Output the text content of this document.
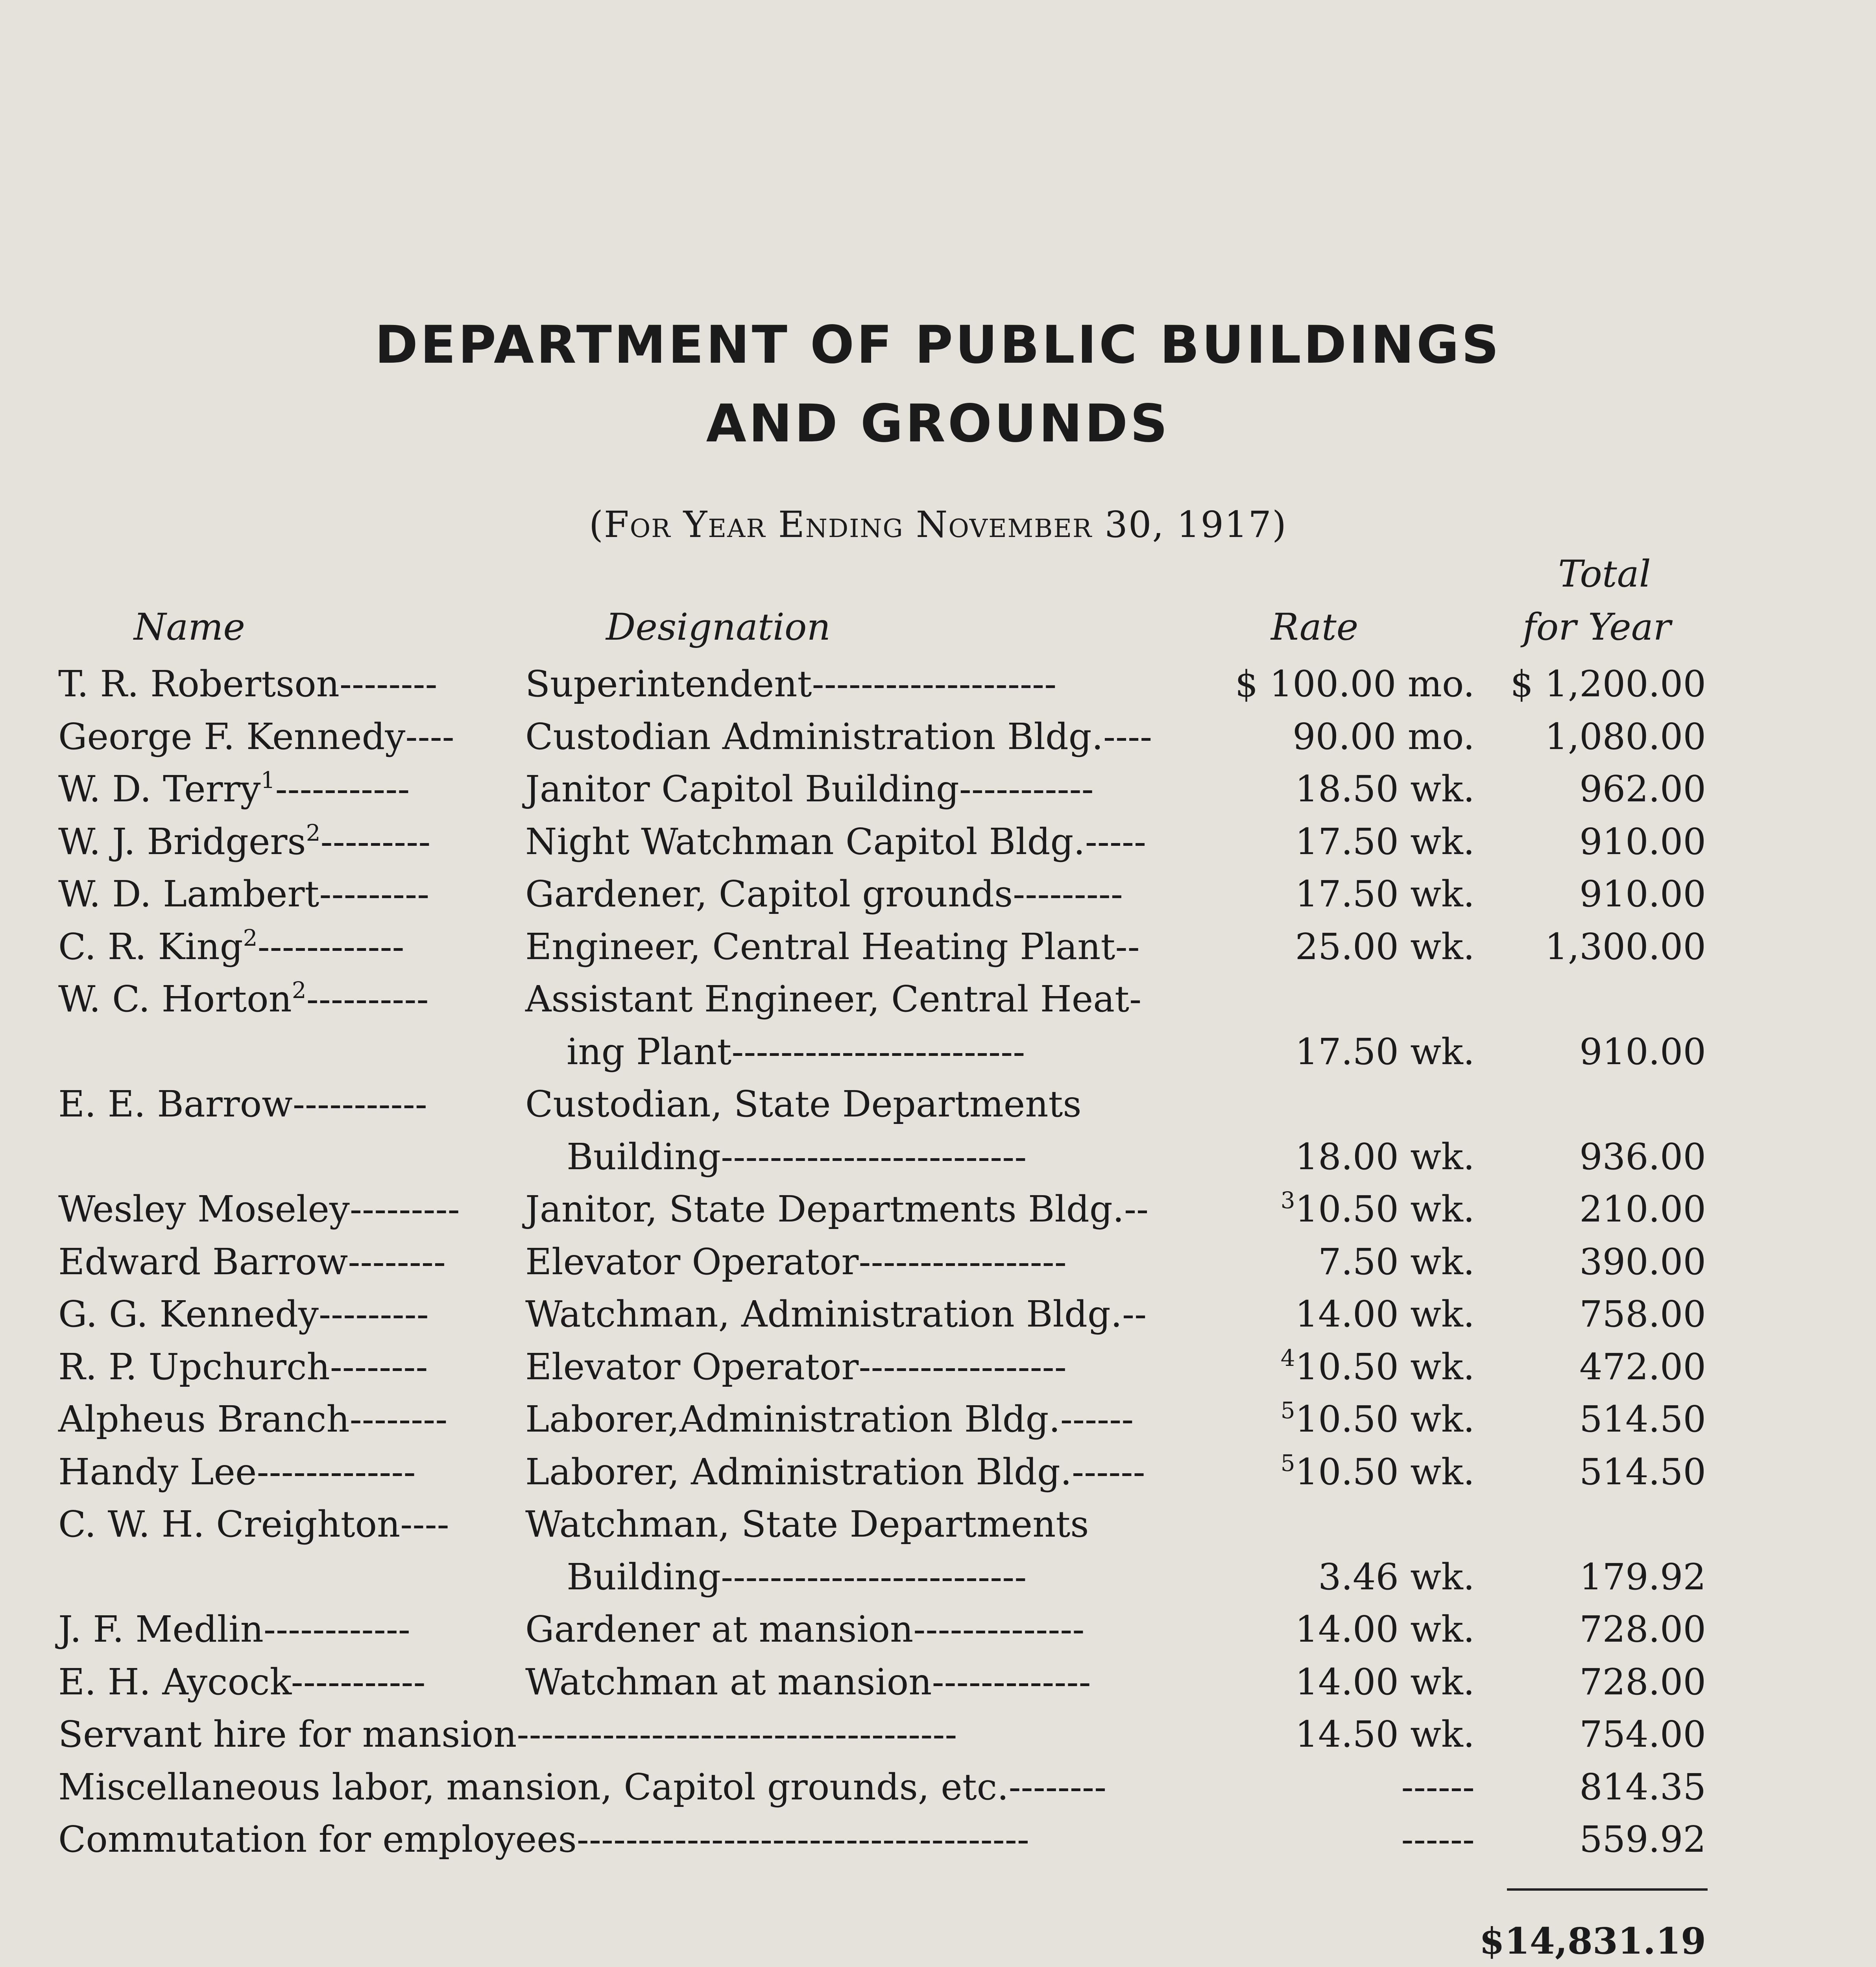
DEPARTMENT OF PUBLIC BUILDINGS
AND GROUNDS
(For Year Ending November 30, 1917)
Total
Name	Designation	Rate	for Year
T. R. Robertson-------- Superintendent--------------------	$ 100.00 mo. $ 1,200.00
George F. Kennedy---- Custodian Administration Bldg.----	90.00 mo. 1,080.00
W. D. Terry$^1$-----------	Janitor Capitol Building-----------	18.50 wk.	962.00
W. J. Bridgers$^2$---------	Night Watchman Capitol Bldg.-----	17.50 wk.	910.00
W. D. Lambert---------	Gardener, Capitol grounds---------	17.50 wk.	910.00
C. R. King$^2$------------	Engineer, Central Heating Plant--	25.00 wk. 1,300.00
W. C. Horton$^2$----------	Assistant Engineer, Central Heat-
ing Plant------------------------	17.50 wk.	910.00
E. E. Barrow-----------	Custodian, State Departments
Building-------------------------	18.00 wk.	936.00
Wesley Moseley--------- Janitor, State Departments Bldg.--	$^3$10.50 wk.	210.00
Edward Barrow-------- Elevator Operator-----------------	7.50 wk.	390.00
G. G. Kennedy---------	Watchman, Administration Bldg.--	14.00 wk.	758.00
R. P. Upchurch--------	Elevator Operator-----------------	$^4$10.50 wk.	472.00
Alpheus Branch-------- Laborer,Administration Bldg.------	$^5$10.50 wk.	514.50
Handy Lee-------------	Laborer, Administration Bldg.------	$^5$10.50 wk.	514.50
C. W. H. Creighton---- Watchman, State Departments
Building-------------------------	3.46 wk.	179.92
J. F. Medlin------------	Gardener at mansion--------------	14.00 wk.	728.00
E. H. Aycock-----------	Watchman at mansion-------------	14.00 wk.	728.00
Servant hire for mansion------------------------------------	14.50 wk.	754.00
Miscellaneous labor, mansion, Capitol grounds, etc.--------	------	814.35
Commutation for employees-------------------------------------	------	559.92
$14,831.19
